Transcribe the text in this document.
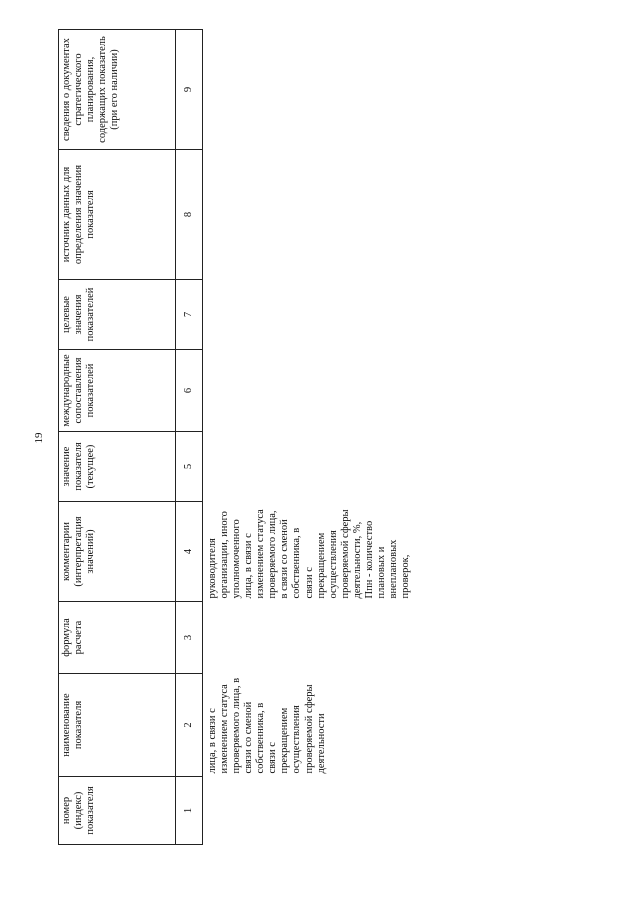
19
номер (индекс) показателя	наименование показателя	формула расчета	комментарии (интерпретация значений)	значение показателя (текущее)	международные сопоставления показателей	целевые значения показателей	источник данных для определения значения показателя	сведения о документах стратегического планирования, содержащих показатель (при его наличии)
1	2	3	4	5	6	7	8	9
	лица, в связи с изменением статуса проверяемого лица, в связи со сменой собственника, в связи с прекращением осуществления проверяемой сферы деятельности		руководителя организации, иного уполномоченного лица, в связи с изменением статуса проверяемого лица, в связи со сменой собственника, в связи с прекращением осуществления проверяемой сферы деятельности, %, Ппн - количество плановых и внеплановых проверок,					
